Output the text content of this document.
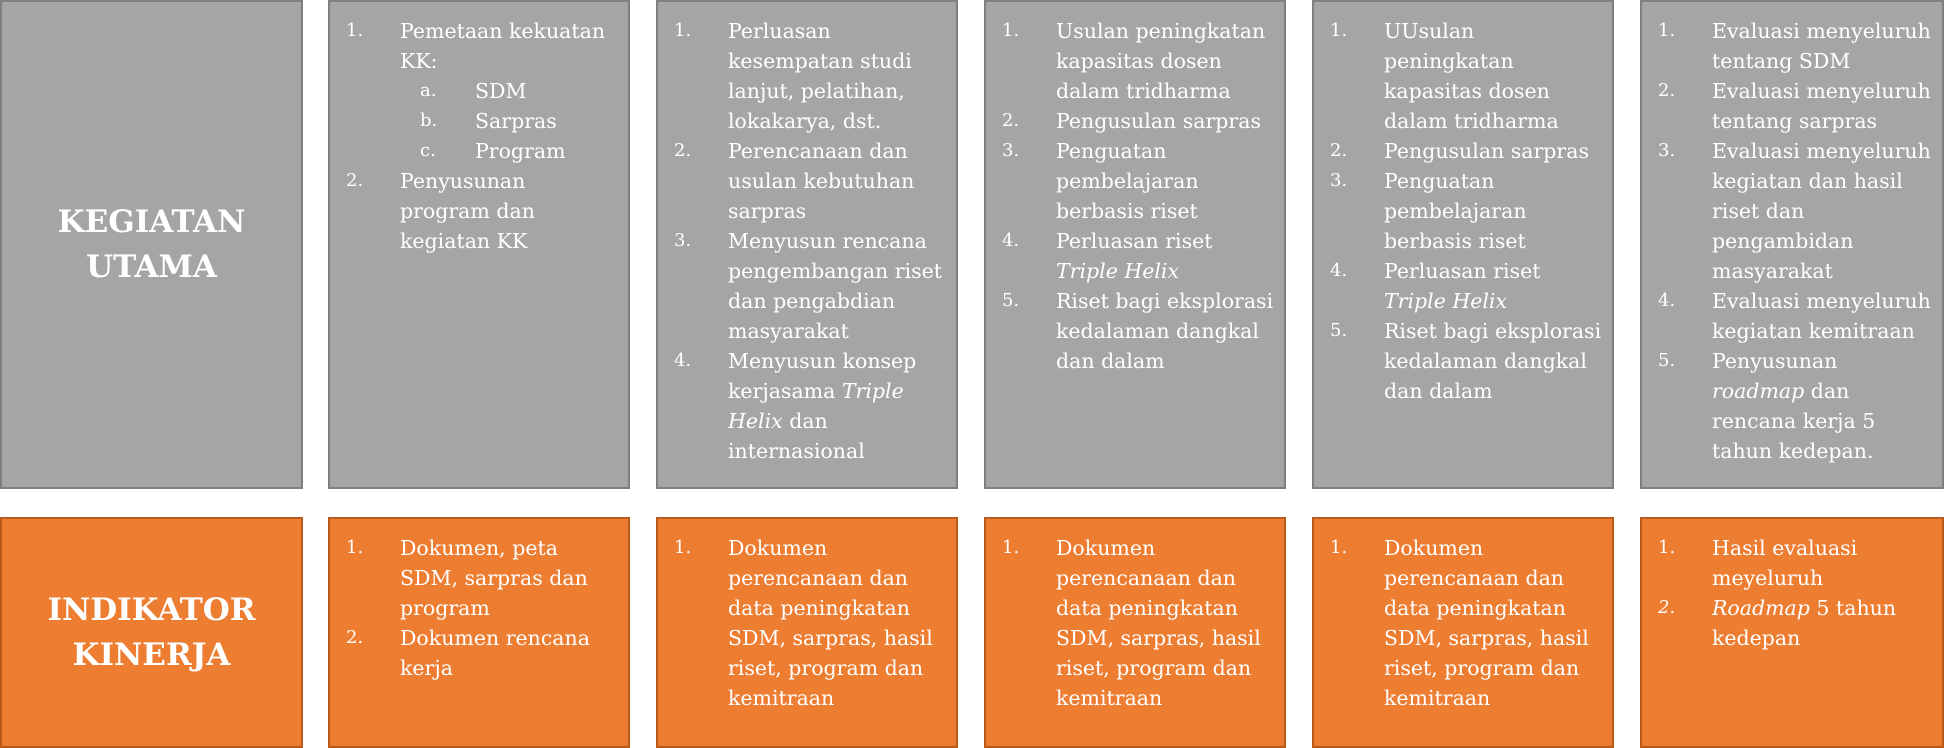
KEGIATAN
UTAMA
1. Pemetaan kekuatan KK:
a. SDM
b. Sarpras
c. Program
2. Penyusunan program dan kegiatan KK
1. Perluasan kesempatan studi lanjut, pelatihan, lokakarya, dst.
2. Perencanaan dan usulan kebutuhan sarpras
3. Menyusun rencana pengembangan riset dan pengabdian masyarakat
4. Menyusun konsep kerjasama Triple Helix dan internasional
1. Usulan peningkatan kapasitas dosen dalam tridharma
2. Pengusulan sarpras
3. Penguatan pembelajaran berbasis riset
4. Perluasan riset Triple Helix
5. Riset bagi eksplorasi kedalaman dangkal dan dalam
1. UUsulan peningkatan kapasitas dosen dalam tridharma
2. Pengusulan sarpras
3. Penguatan pembelajaran berbasis riset
4. Perluasan riset Triple Helix
5. Riset bagi eksplorasi kedalaman dangkal dan dalam
1. Evaluasi menyeluruh tentang SDM
2. Evaluasi menyeluruh tentang sarpras
3. Evaluasi menyeluruh kegiatan dan hasil riset dan pengambidan masyarakat
4. Evaluasi menyeluruh kegiatan kemitraan
5. Penyusunan roadmap dan rencana kerja 5 tahun kedepan.
INDIKATOR
KINERJA
1. Dokumen, peta SDM, sarpras dan program
2. Dokumen rencana kerja
1. Dokumen perencanaan dan data peningkatan SDM, sarpras, hasil riset, program dan kemitraan
1. Dokumen perencanaan dan data peningkatan SDM, sarpras, hasil riset, program dan kemitraan
1. Dokumen perencanaan dan data peningkatan SDM, sarpras, hasil riset, program dan kemitraan
1. Hasil evaluasi meyeluruh
2. Roadmap 5 tahun kedepan
